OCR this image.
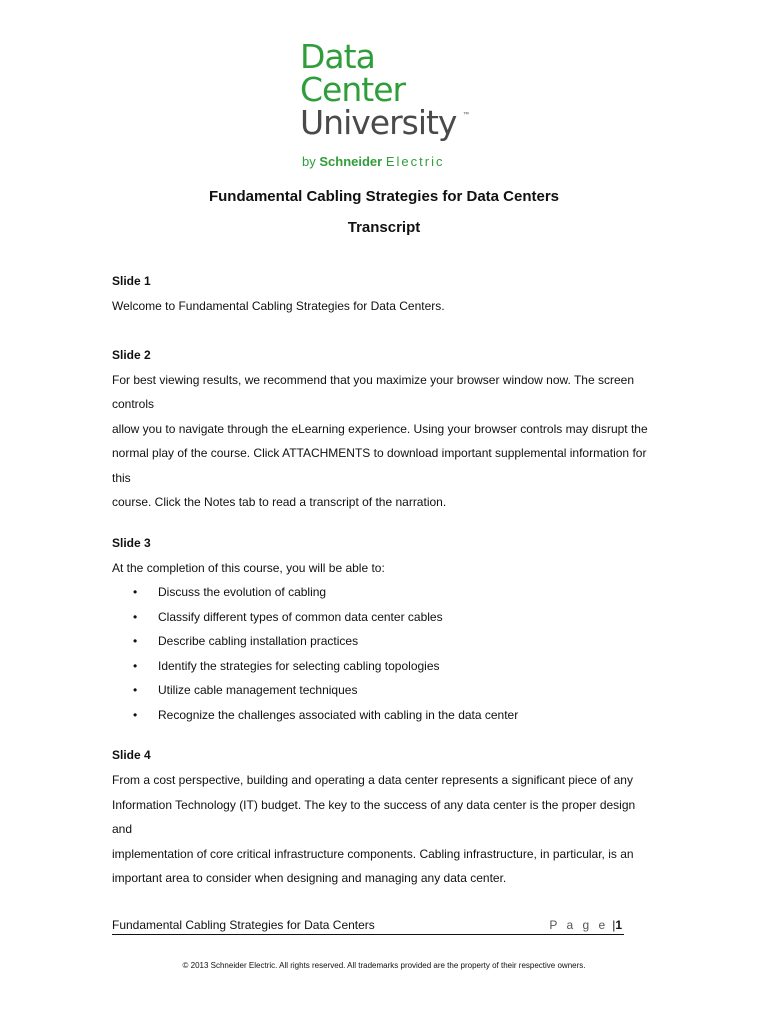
Data
Center
University ™
by Schneider Electric
Fundamental Cabling Strategies for Data Centers
Transcript

Slide 1

Welcome to Fundamental Cabling Strategies for Data Centers.

Slide 2

For best viewing results, we recommend that you maximize your browser window now. The screen controls
allow you to navigate through the eLearning experience. Using your browser controls may disrupt the
normal play of the course. Click ATTACHMENTS to download important supplemental information for this
course. Click the Notes tab to read a transcript of the narration.

Slide 3

At the completion of this course, you will be able to:

• Discuss the evolution of cabling
• Classify different types of common data center cables
• Describe cabling installation practices
• Identify the strategies for selecting cabling topologies
• Utilize cable management techniques
• Recognize the challenges associated with cabling in the data center

Slide 4

From a cost perspective, building and operating a data center represents a significant piece of any
Information Technology (IT) budget. The key to the success of any data center is the proper design and
implementation of core critical infrastructure components. Cabling infrastructure, in particular, is an
important area to consider when designing and managing any data center.
Fundamental Cabling Strategies for Data Centers	P a g e |1
© 2013 Schneider Electric. All rights reserved. All trademarks provided are the property of their respective owners.
